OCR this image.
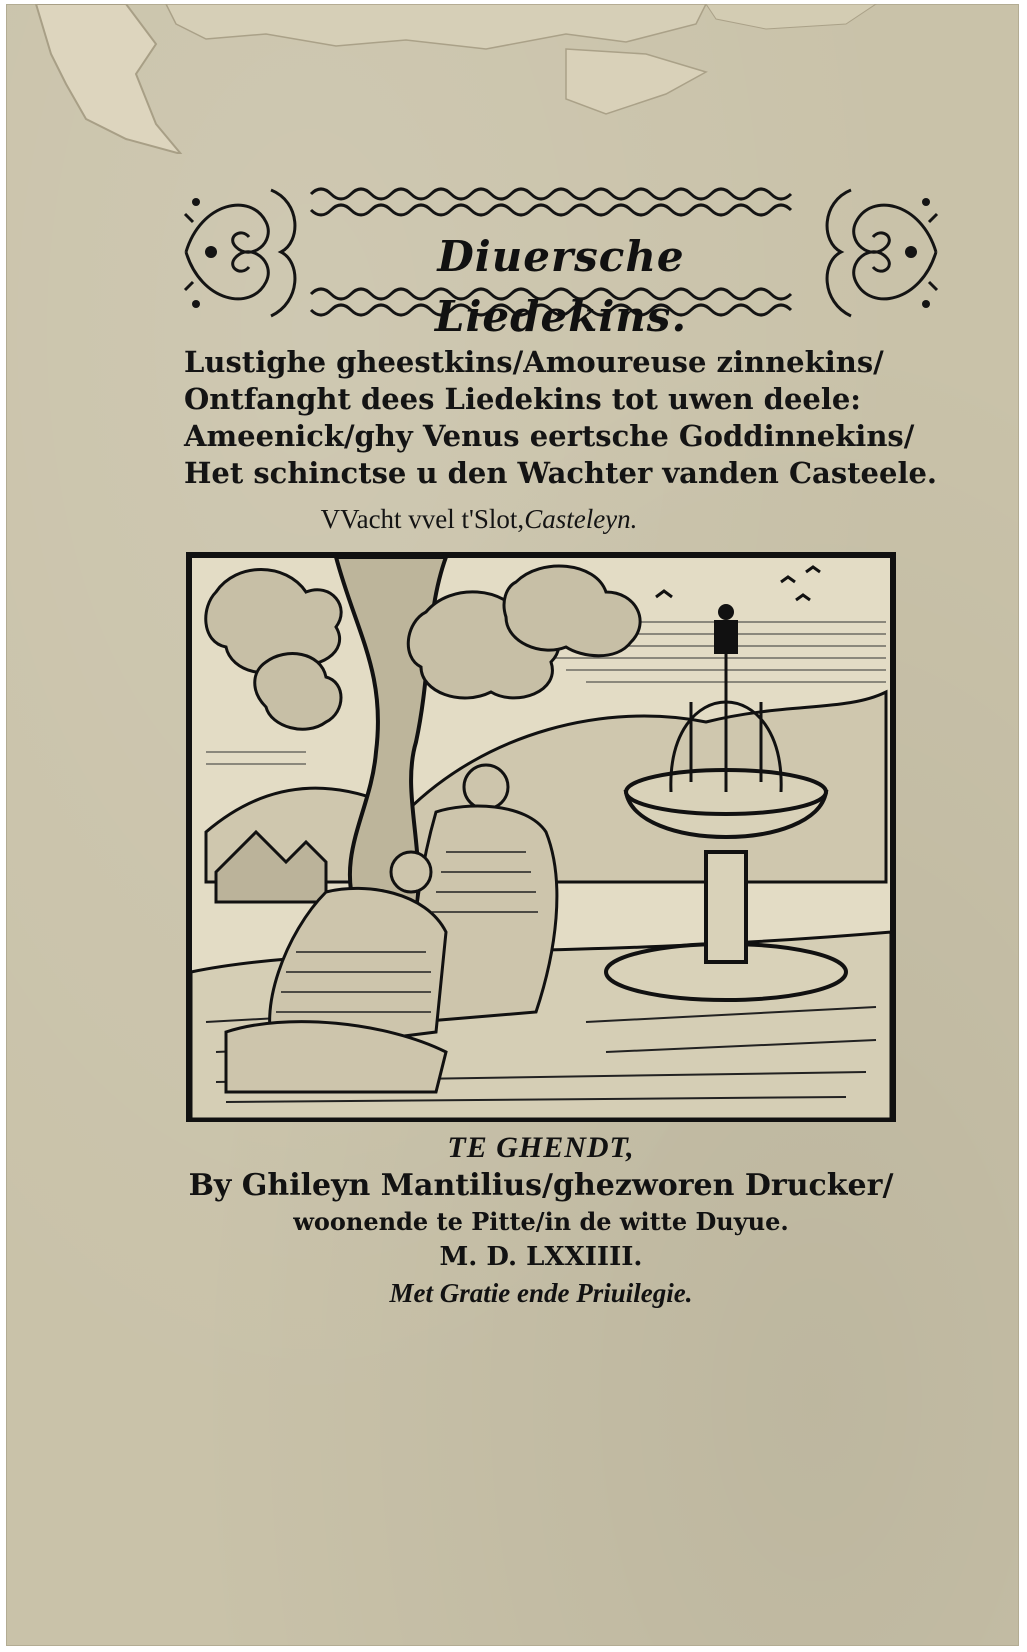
Diuersche Liedekins.
Lustighe gheestkins/Amoureuse zinnekins/
Ontfanght dees Liedekins tot uwen deele:
Ameenick/ghy Venus eertsche Goddinnekins/
Het schinctse u den Wachter vanden Casteele.
VVacht vvel t'Slot,Casteleyn.
TE GHENDT,
By Ghileyn Mantilius/ghezworen Drucker/
woonende te Pitte/in de witte Duyue.
M. D. LXXIIII.
Met Gratie ende Priuilegie.
